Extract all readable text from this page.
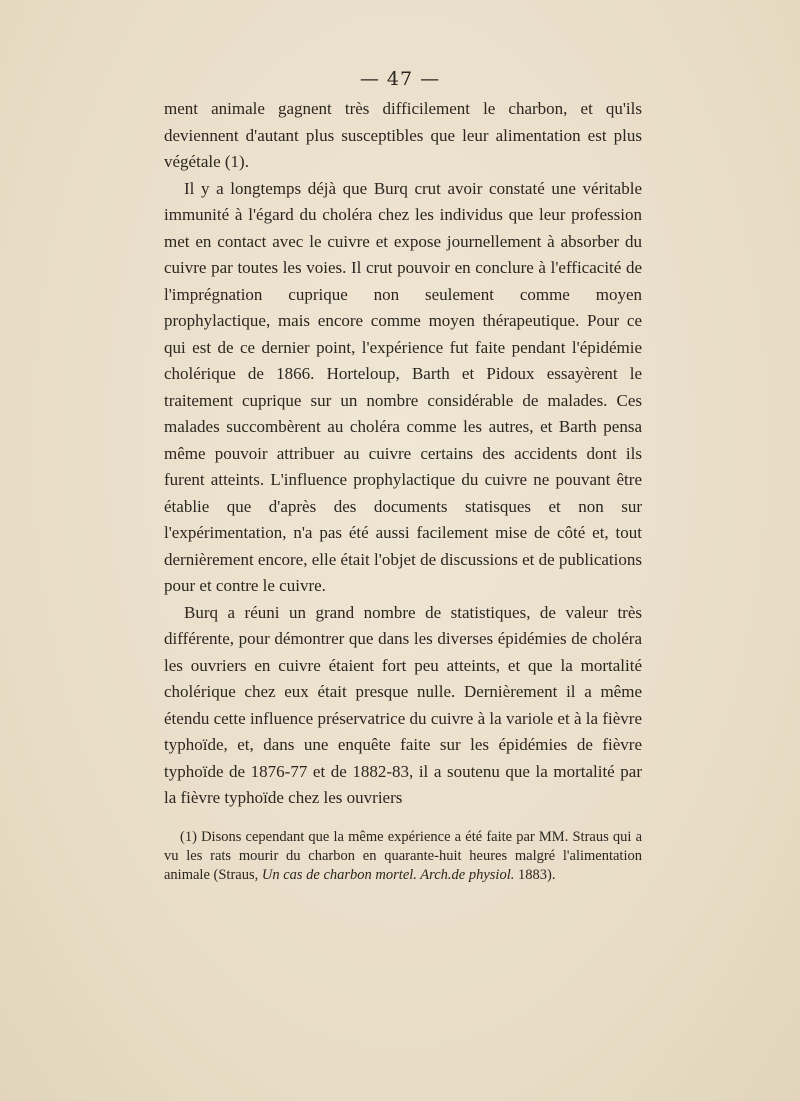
— 47 —

ment animale gagnent très difficilement le charbon, et qu'ils deviennent d'autant plus susceptibles que leur alimentation est plus végétale (1).

Il y a longtemps déjà que Burq crut avoir constaté une véritable immunité à l'égard du choléra chez les individus que leur profession met en contact avec le cuivre et expose journellement à absorber du cuivre par toutes les voies. Il crut pouvoir en conclure à l'efficacité de l'imprégnation cuprique non seulement comme moyen prophylactique, mais encore comme moyen thérapeutique. Pour ce qui est de ce dernier point, l'expérience fut faite pendant l'épidémie cholérique de 1866. Horteloup, Barth et Pidoux essayèrent le traitement cuprique sur un nombre considérable de malades. Ces malades succombèrent au choléra comme les autres, et Barth pensa même pouvoir attribuer au cuivre certains des accidents dont ils furent atteints. L'influence prophylactique du cuivre ne pouvant être établie que d'après des documents statisques et non sur l'expérimentation, n'a pas été aussi facilement mise de côté et, tout dernièrement encore, elle était l'objet de discussions et de publications pour et contre le cuivre.

Burq a réuni un grand nombre de statistiques, de valeur très différente, pour démontrer que dans les diverses épidémies de choléra les ouvriers en cuivre étaient fort peu atteints, et que la mortalité cholérique chez eux était presque nulle. Dernièrement il a même étendu cette influence préservatrice du cuivre à la variole et à la fièvre typhoïde, et, dans une enquête faite sur les épidémies de fièvre typhoïde de 1876-77 et de 1882-83, il a soutenu que la mortalité par la fièvre typhoïde chez les ouvriers

(1) Disons cependant que la même expérience a été faite par MM. Straus qui a vu les rats mourir du charbon en quarante-huit heures malgré l'alimentation animale (Straus, Un cas de charbon mortel. Arch.de physiol. 1883).
